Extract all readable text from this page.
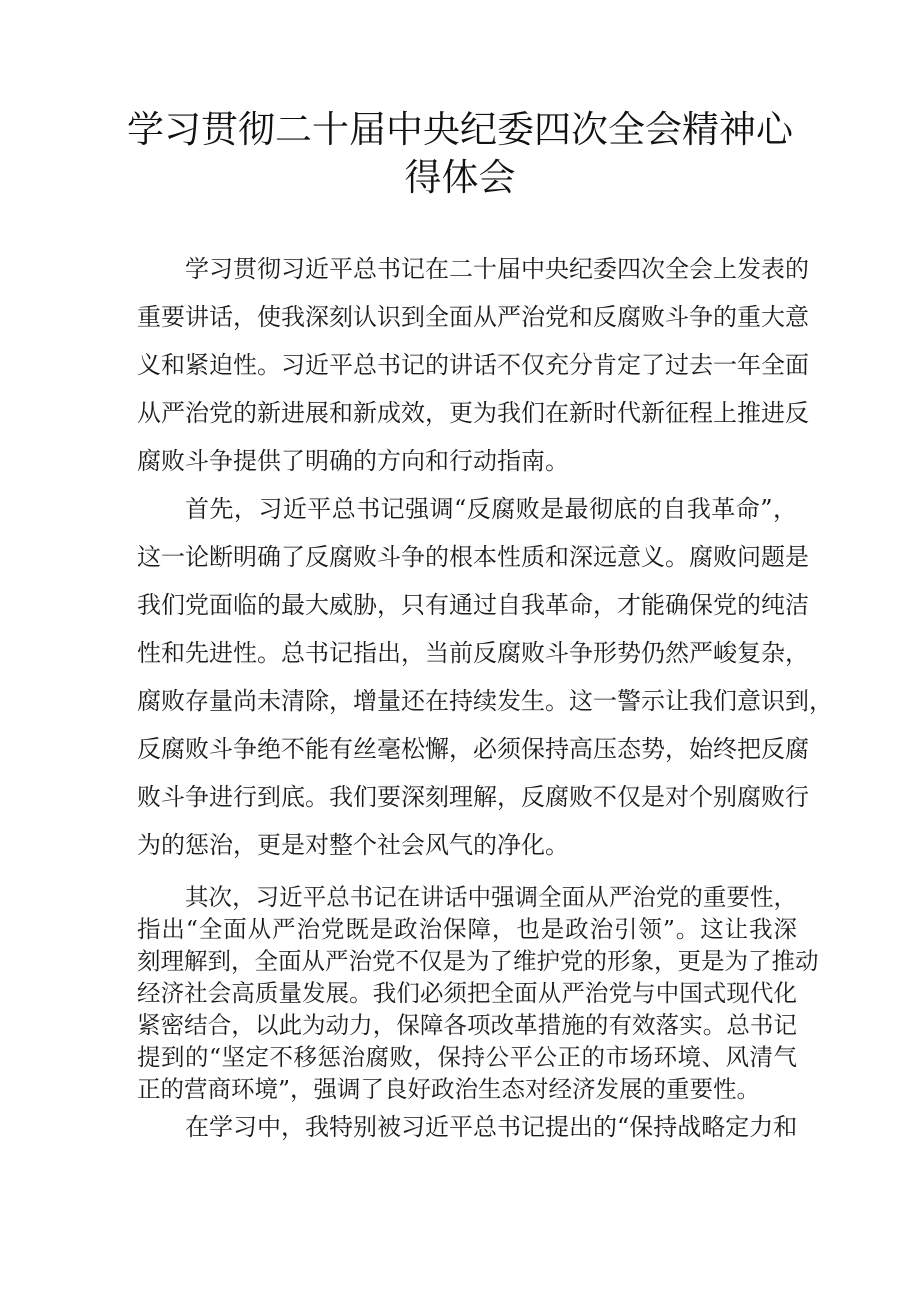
学习贯彻二十届中央纪委四次全会精神心
得体会

学习贯彻习近平总书记在二十届中央纪委四次全会上发表的

重要讲话，使我深刻认识到全面从严治党和反腐败斗争的重大意

义和紧迫性。习近平总书记的讲话不仅充分肯定了过去一年全面

从严治党的新进展和新成效，更为我们在新时代新征程上推进反

腐败斗争提供了明确的方向和行动指南。

首先，习近平总书记强调“反腐败是最彻底的自我革命”，

这一论断明确了反腐败斗争的根本性质和深远意义。腐败问题是

我们党面临的最大威胁，只有通过自我革命，才能确保党的纯洁

性和先进性。总书记指出，当前反腐败斗争形势仍然严峻复杂，

腐败存量尚未清除，增量还在持续发生。这一警示让我们意识到，

反腐败斗争绝不能有丝毫松懈，必须保持高压态势，始终把反腐

败斗争进行到底。我们要深刻理解，反腐败不仅是对个别腐败行

为的惩治，更是对整个社会风气的净化。

其次，习近平总书记在讲话中强调全面从严治党的重要性，

指出“全面从严治党既是政治保障，也是政治引领”。这让我深

刻理解到，全面从严治党不仅是为了维护党的形象，更是为了推动

经济社会高质量发展。我们必须把全面从严治党与中国式现代化

紧密结合，以此为动力，保障各项改革措施的有效落实。总书记

提到的“坚定不移惩治腐败，保持公平公正的市场环境、风清气

正的营商环境”，强调了良好政治生态对经济发展的重要性。

在学习中，我特别被习近平总书记提出的“保持战略定力和
